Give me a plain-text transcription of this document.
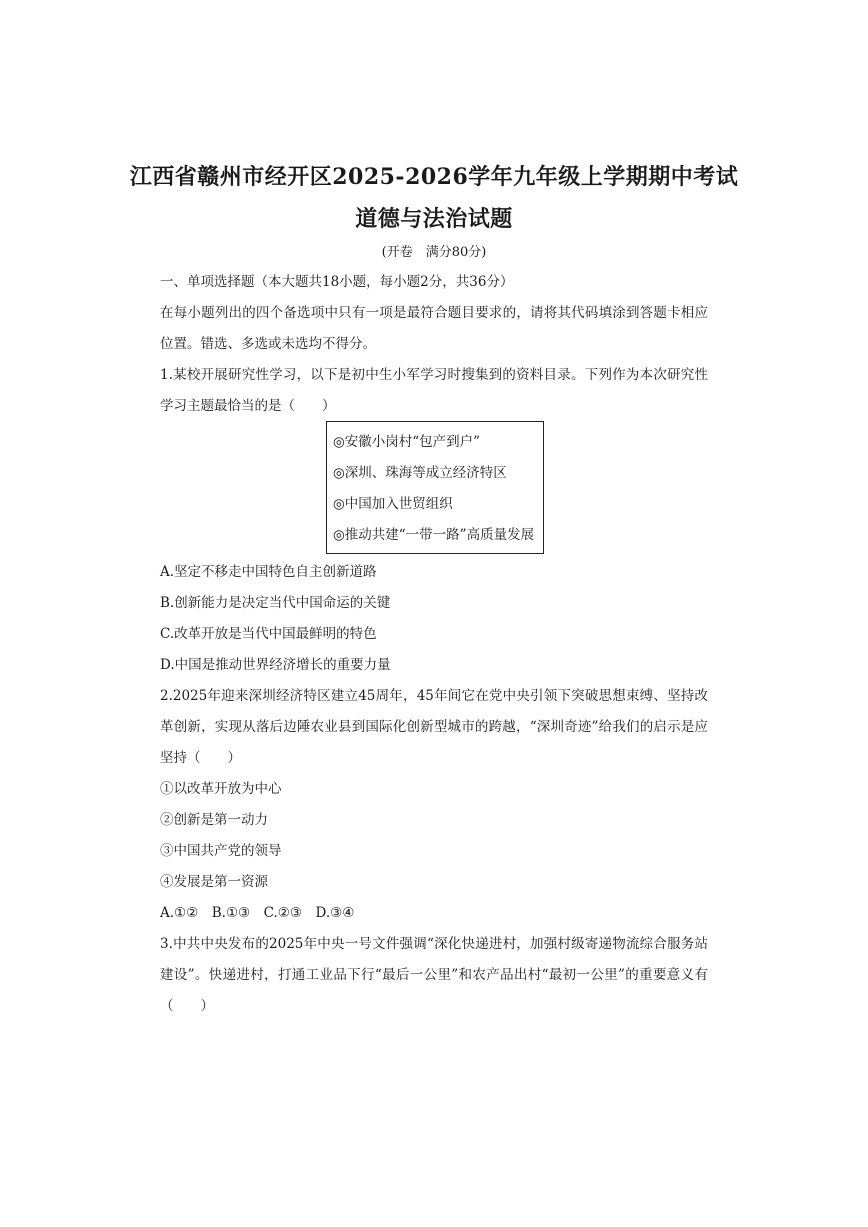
江西省赣州市经开区2025-2026学年九年级上学期期中考试
道德与法治试题
(开卷　满分80分)
一、单项选择题（本大题共18小题，每小题2分，共36分）
在每小题列出的四个备选项中只有一项是最符合题目要求的，请将其代码填涂到答题卡相应
位置。错选、多选或未选均不得分。
1.某校开展研究性学习，以下是初中生小军学习时搜集到的资料目录。下列作为本次研究性
学习主题最恰当的是（　　）
◎安徽小岗村“包产到户”
◎深圳、珠海等成立经济特区
◎中国加入世贸组织
◎推动共建“一带一路”高质量发展
A.坚定不移走中国特色自主创新道路
B.创新能力是决定当代中国命运的关键
C.改革开放是当代中国最鲜明的特色
D.中国是推动世界经济增长的重要力量
2.2025年迎来深圳经济特区建立45周年，45年间它在党中央引领下突破思想束缚、坚持改
革创新，实现从落后边陲农业县到国际化创新型城市的跨越，“深圳奇迹”给我们的启示是应
坚持（　　）
①以改革开放为中心
②创新是第一动力
③中国共产党的领导
④发展是第一资源
A.①②　B.①③　C.②③　D.③④
3.中共中央发布的2025年中央一号文件强调“深化快递进村，加强村级寄递物流综合服务站
建设”。快递进村，打通工业品下行“最后一公里”和农产品出村“最初一公里”的重要意义有
（　　）
